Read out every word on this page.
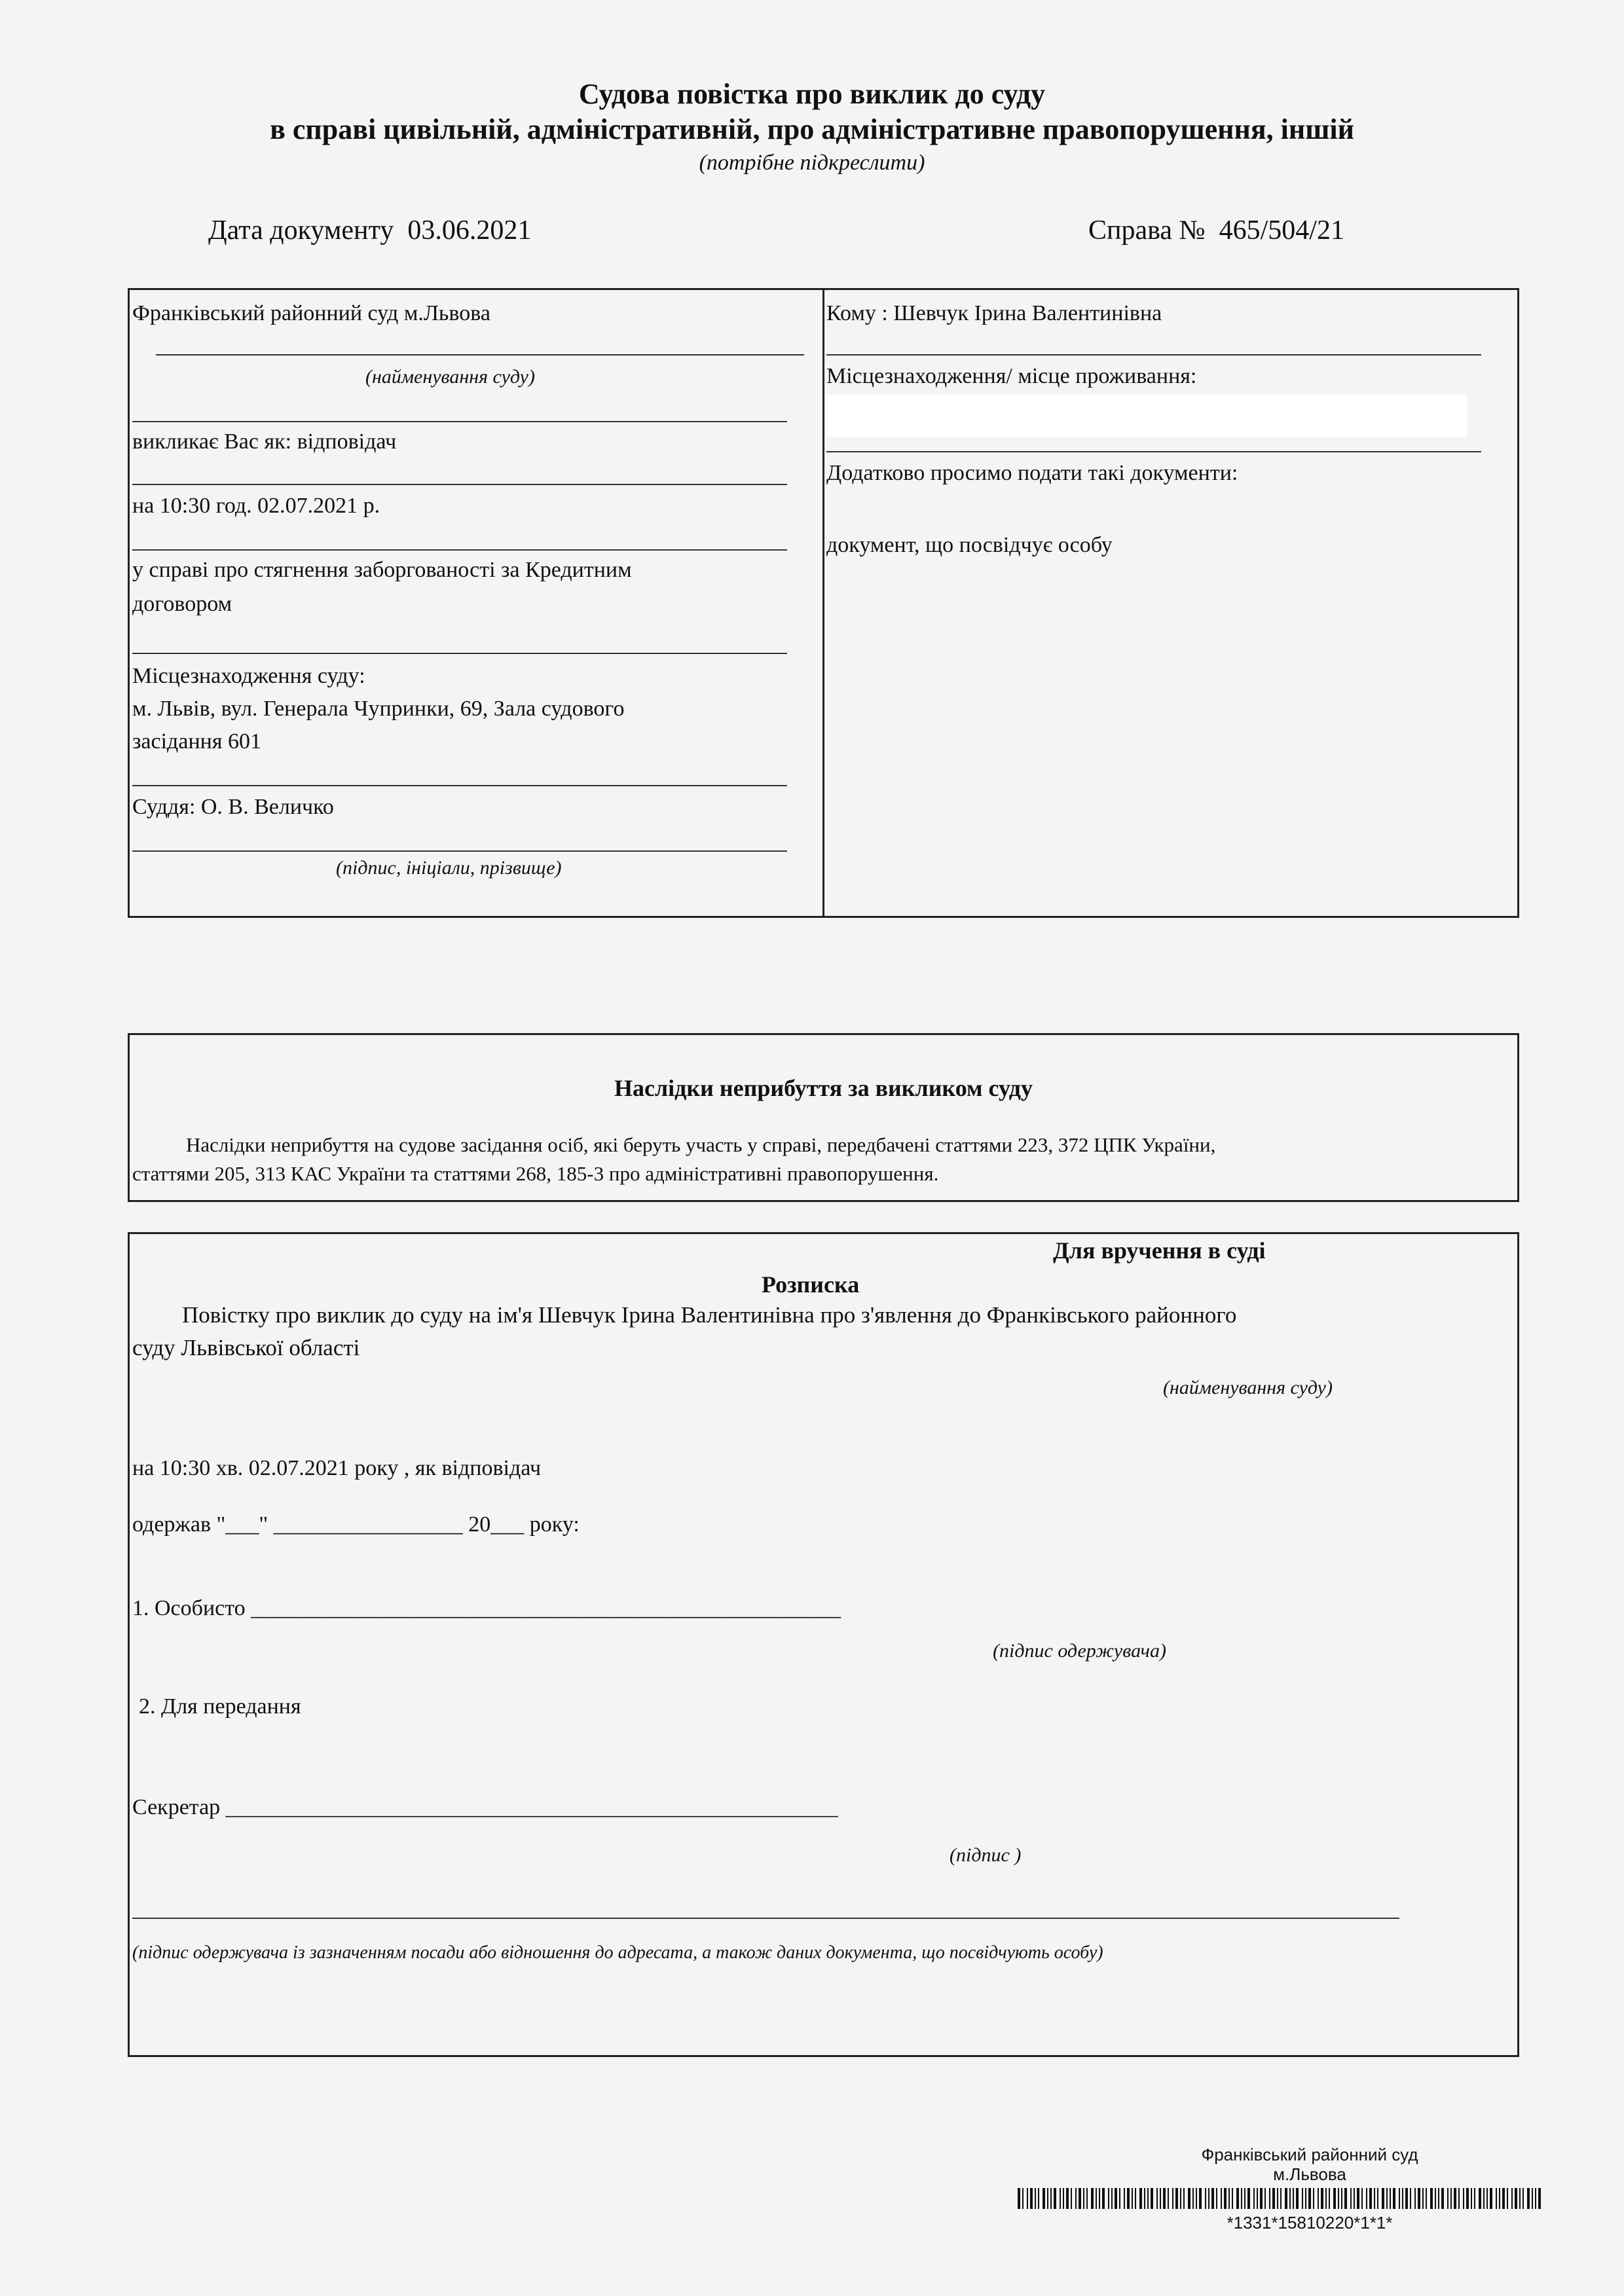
Судова повістка про виклик до суду
в справі цивільній, адміністративній, про адміністративне правопорушення, іншій
(потрібне підкреслити)
Дата документу 03.06.2021	Справа № 465/504/21
Франківський районний суд м.Львова
(найменування суду)
викликає Вас як: відповідач
на 10:30 год. 02.07.2021 р.
у справі про стягнення заборгованості за Кредитним
договором
Місцезнаходження суду:
м. Львів, вул. Генерала Чупринки, 69, Зала судового
засідання 601
Суддя: О. В. Величко
(підпис, ініціали, прізвище)
Кому : Шевчук Ірина Валентинівна
Місцезнаходження/ місце проживання:
Додатково просимо подати такі документи:
документ, що посвідчує особу
Наслідки неприбуття за викликом суду
Наслідки неприбуття на судове засідання осіб, які беруть участь у справі, передбачені статтями 223, 372 ЦПК України,
статтями 205, 313 КАС України та статтями 268, 185-3 про адміністративні правопорушення.
Для вручення в суді
Розписка
Повістку про виклик до суду на ім'я Шевчук Ірина Валентинівна про з'явлення до Франківського районного
суду Львівської області
(найменування суду)
на 10:30 хв. 02.07.2021 року , як відповідач
одержав "___" _________________ 20___ року:
1. Особисто _____________________________________________________
(підпис одержувача)
2. Для передання
Секретар _______________________________________________________
(підпис )
(підпис одержувача із зазначенням посади або відношення до адресата, а також даних документа, що посвідчують особу)
Франківський районний суд
м.Львова
*1331*15810220*1*1*
